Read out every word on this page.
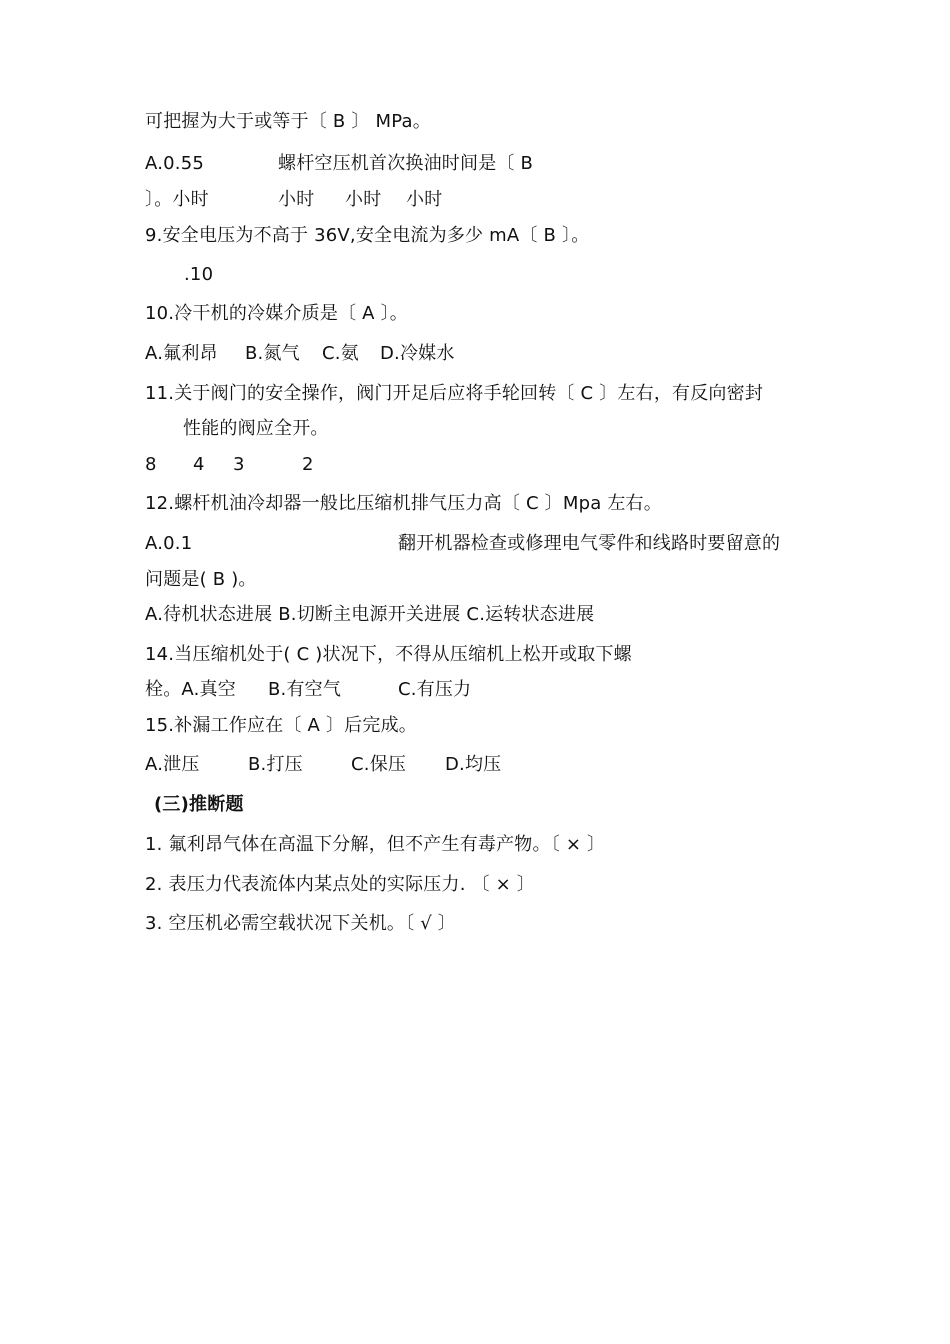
可把握为大于或等于〔 B 〕 MPa。
A.0.55	螺杆空压机首次换油时间是〔 B
〕。小时	小时 小时 小时
9.安全电压为不高于 36V,安全电流为多少 mA〔 B 〕。
.10
10.冷干机的冷媒介质是〔 A 〕。
A.氟利昂 B.氮气 C.氨 D.冷媒水
11.关于阀门的安全操作，阀门开足后应将手轮回转〔 C 〕左右，有反向密封
性能的阀应全开。
8 4 3	2
12.螺杆机油冷却器一般比压缩机排气压力高〔 C 〕Mpa 左右。
A.0.1	翻开机器检查或修理电气零件和线路时要留意的
问题是( B )。
A.待机状态进展 B.切断主电源开关进展 C.运转状态进展
14.当压缩机处于( C )状况下，不得从压缩机上松开或取下螺
栓。A.真空 B.有空气	C.有压力
15.补漏工作应在〔 A 〕后完成。
A.泄压	B.打压	C.保压 D.均压
(三)推断题
1. 氟利昂气体在高温下分解，但不产生有毒产物。〔 × 〕
2. 表压力代表流体内某点处的实际压力. 〔 × 〕
3. 空压机必需空载状况下关机。〔 √ 〕
